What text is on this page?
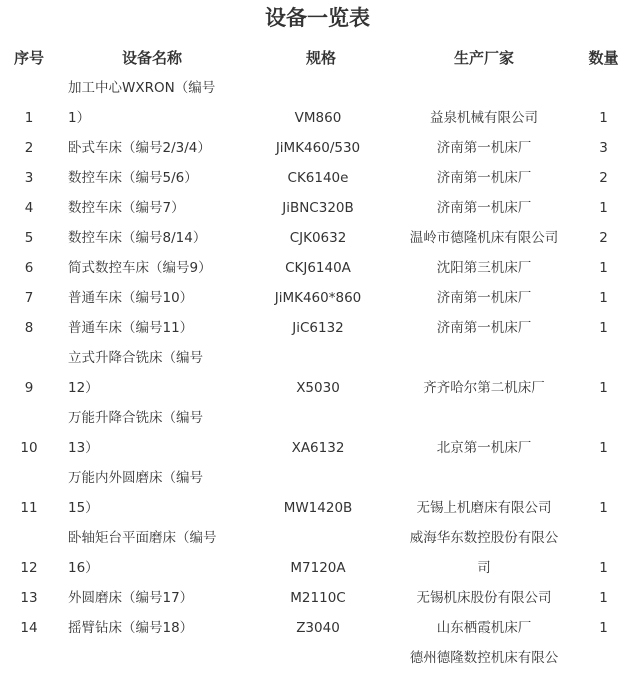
设备一览表
序号	设备名称	规格	生产厂家	数量
	加工中心WXRON（编号			
1	1）	VM860	益泉机械有限公司	1
2	卧式车床（编号2/3/4）	JiMK460/530	济南第一机床厂	3
3	数控车床（编号5/6）	CK6140e	济南第一机床厂	2
4	数控车床（编号7）	JiBNC320B	济南第一机床厂	1
5	数控车床（编号8/14）	CJK0632	温岭市德隆机床有限公司	2
6	简式数控车床（编号9）	CKJ6140A	沈阳第三机床厂	1
7	普通车床（编号10）	JiMK460*860	济南第一机床厂	1
8	普通车床（编号11）	JiC6132	济南第一机床厂	1
	立式升降合铣床（编号			
9	12）	X5030	齐齐哈尔第二机床厂	1
	万能升降合铣床（编号			
10	13）	XA6132	北京第一机床厂	1
	万能内外圆磨床（编号			
11	15）	MW1420B	无锡上机磨床有限公司	1
	卧轴矩台平面磨床（编号		威海华东数控股份有限公	
12	16）	M7120A	司	1
13	外圆磨床（编号17）	M2110C	无锡机床股份有限公司	1
14	摇臂钻床（编号18）	Z3040	山东栖霞机床厂	1
			德州德隆数控机床有限公	
